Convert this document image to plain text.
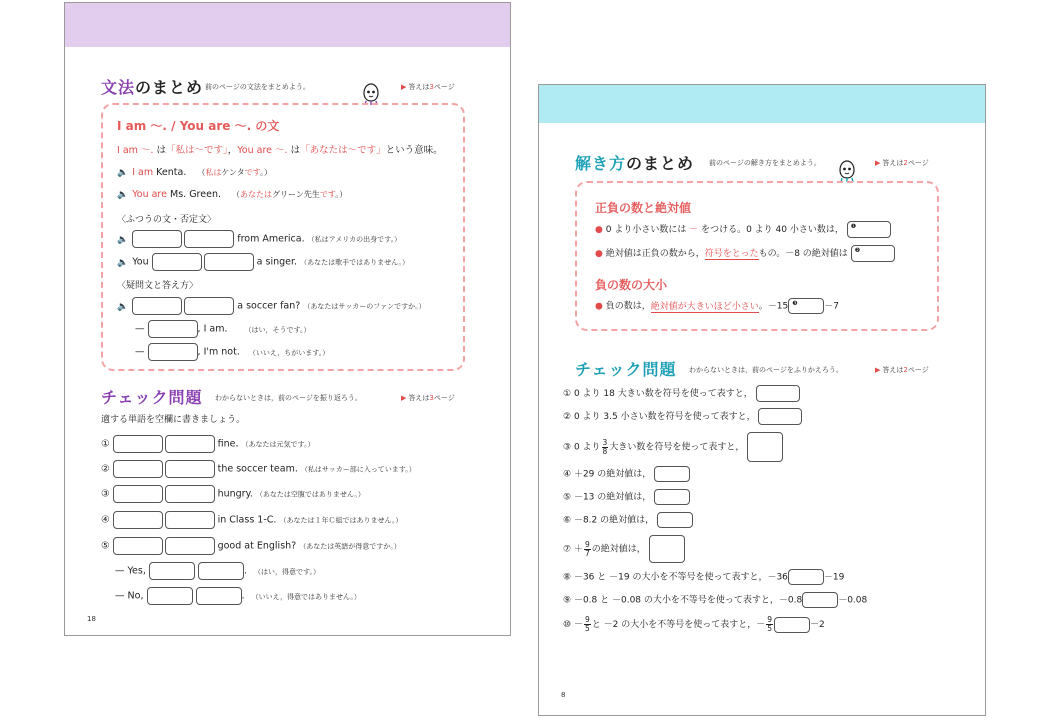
文法のまとめ 前のページの文法をまとめよう。	▶ 答えは3ページ
I am ～. / You are ～. の文
I am ～. は「私は～です」，You are ～. は「あなたは～です」という意味。
🔈 I am Kenta. （私はケンタです。）
🔈 You are Ms. Green. （あなたはグリーン先生です。）
〈ふつうの文・否定文〉
🔈	from America. （私はアメリカの出身です。）
🔈 You	a singer. （あなたは歌手ではありません。）
〈疑問文と答え方〉
🔈	a soccer fan? （あなたはサッカーのファンですか。）
—	, I am. （はい，そうです。）
—	, I'm not. （いいえ，ちがいます。）
チェック問題 わからないときは，前のページを振り返ろう。	▶ 答えは3ページ
適する単語を空欄に書きましょう。
①	fine. （あなたは元気です。）
②	the soccer team. （私はサッカー部に入っています。）
③	hungry. （あなたは空腹ではありません。）
④	in Class 1-C. （あなたは１年Ｃ組ではありません。）
⑤	good at English? （あなたは英語が得意ですか。）
— Yes,	. （はい，得意です。）
— No,	. （いいえ，得意ではありません。）
18
解き方のまとめ 前のページの解き方をまとめよう。	▶ 答えは2ページ
正負の数と絶対値
● 0 より小さい数には － をつける。0 より 40 小さい数は， ❶
● 絶対値は正負の数から，符号をとったもの。－8 の絶対値は ❷
負の数の大小
● 負の数は，絶対値が大きいほど小さい。－15 ❸	－7
チェック問題 わからないときは，前のページをふりかえろう。	▶ 答えは2ページ
① 0 より 18 大きい数を符号を使って表すと，
② 0 より 3.5 小さい数を符号を使って表すと，
③ 0 より $\frac{3}{8}$ 大きい数を符号を使って表すと，
④ ＋29 の絶対値は，
⑤ －13 の絶対値は，
⑥ －8.2 の絶対値は，
⑦ ＋ $\frac{9}{7}$ の絶対値は，
⑧ －36 と －19 の大小を不等号を使って表すと，－36	－19
⑨ －0.8 と －0.08 の大小を不等号を使って表すと，－0.8	－0.08
⑩ － $\frac{9}{5}$ と －2 の大小を不等号を使って表すと，－ $\frac{9}{5}$	－2
8
